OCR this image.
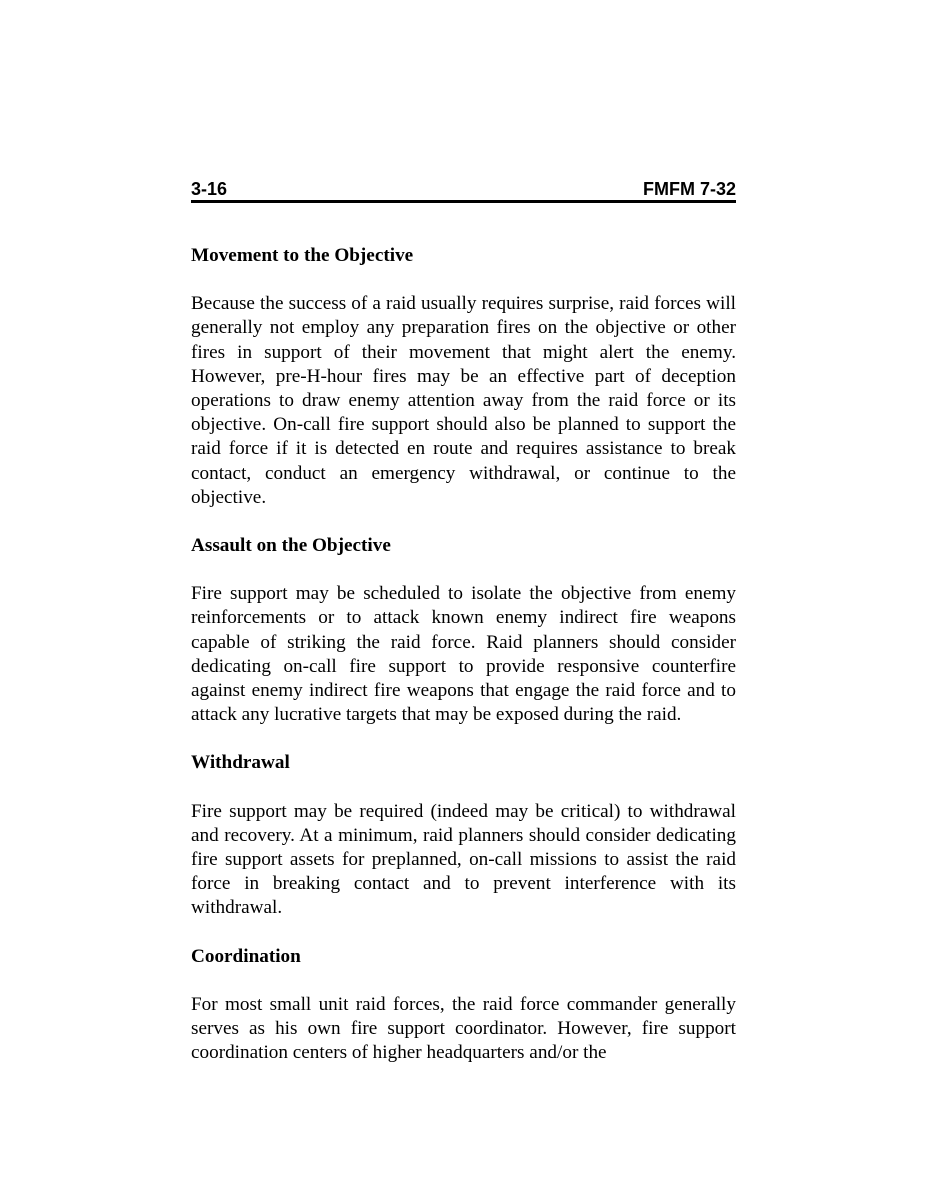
3-16	FMFM 7-32
Movement to the Objective

Because the success of a raid usually requires surprise, raid forces will generally not employ any preparation fires on the objective or other fires in support of their movement that might alert the enemy. However, pre-H-hour fires may be an effective part of deception operations to draw enemy attention away from the raid force or its objective. On-call fire support should also be planned to support the raid force if it is detected en route and requires assistance to break contact, conduct an emergency withdrawal, or continue to the objective.

Assault on the Objective

Fire support may be scheduled to isolate the objective from enemy reinforcements or to attack known enemy indirect fire weapons capable of striking the raid force. Raid planners should consider dedicating on-call fire support to provide responsive counterfire against enemy indirect fire weapons that engage the raid force and to attack any lucrative targets that may be exposed during the raid.

Withdrawal

Fire support may be required (indeed may be critical) to withdrawal and recovery. At a minimum, raid planners should consider dedicating fire support assets for preplanned, on-call missions to assist the raid force in breaking contact and to prevent interference with its withdrawal.

Coordination

For most small unit raid forces, the raid force commander generally serves as his own fire support coordinator. However, fire support coordination centers of higher headquarters and/or the
